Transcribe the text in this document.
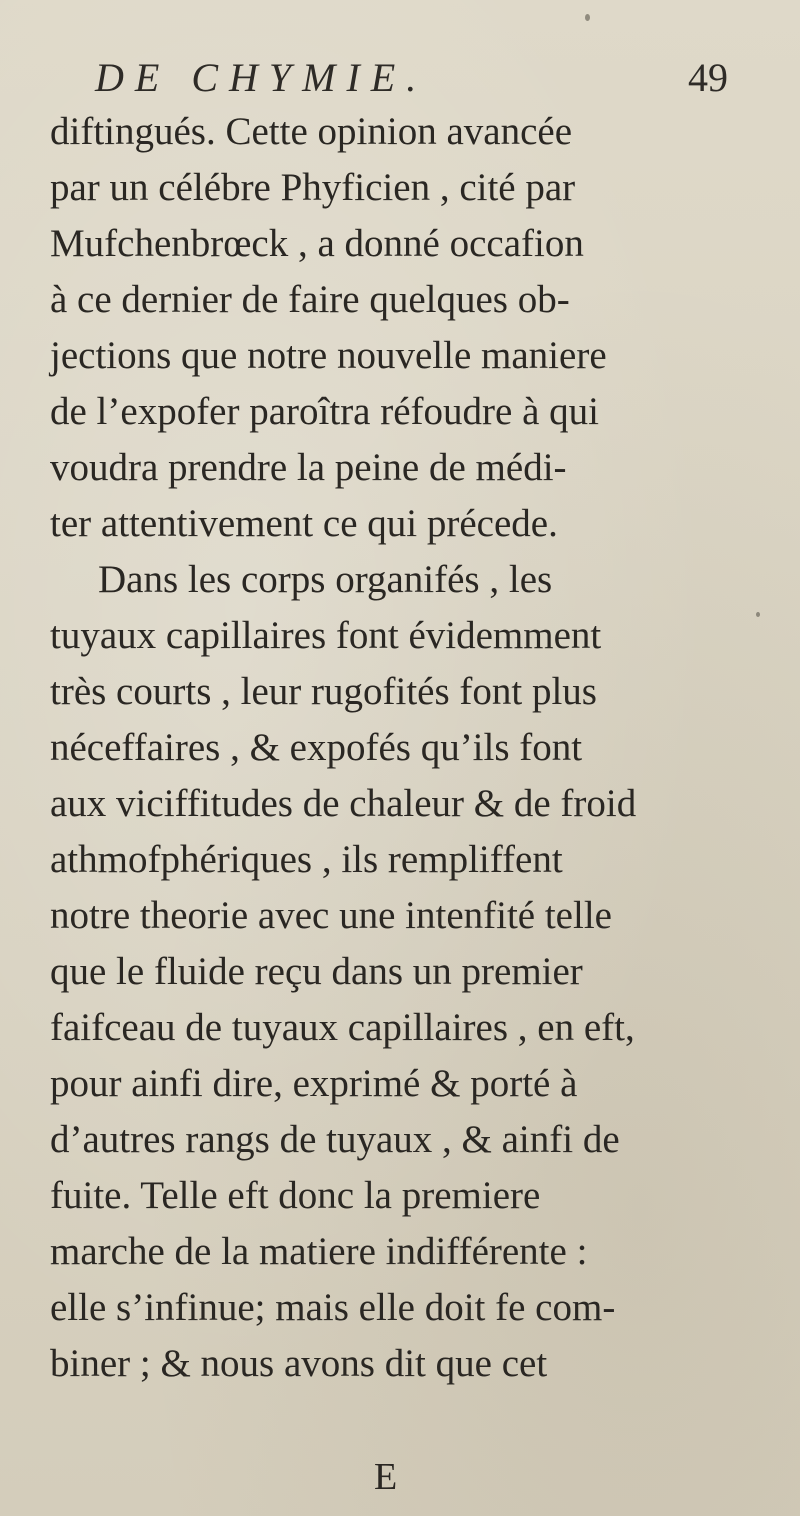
DE CHYMIE.	49
diftingués. Cette opinion avancée
par un célébre Phyficien , cité par
Mufchenbrœck , a donné occafion
à ce dernier de faire quelques ob-
jections que notre nouvelle maniere
de l’expofer paroîtra réfoudre à qui
voudra prendre la peine de médi-
ter attentivement ce qui précede.
Dans les corps organifés , les
tuyaux capillaires font évidemment
très courts , leur rugofités font plus
néceffaires , & expofés qu’ils font
aux viciffitudes de chaleur & de froid
athmofphériques , ils rempliffent
notre theorie avec une intenfité telle
que le fluide reçu dans un premier
faifceau de tuyaux capillaires , en eft,
pour ainfi dire, exprimé & porté à
d’autres rangs de tuyaux , & ainfi de
fuite. Telle eft donc la premiere
marche de la matiere indifférente :
elle s’infinue; mais elle doit fe com-
biner ; & nous avons dit que cet
E
